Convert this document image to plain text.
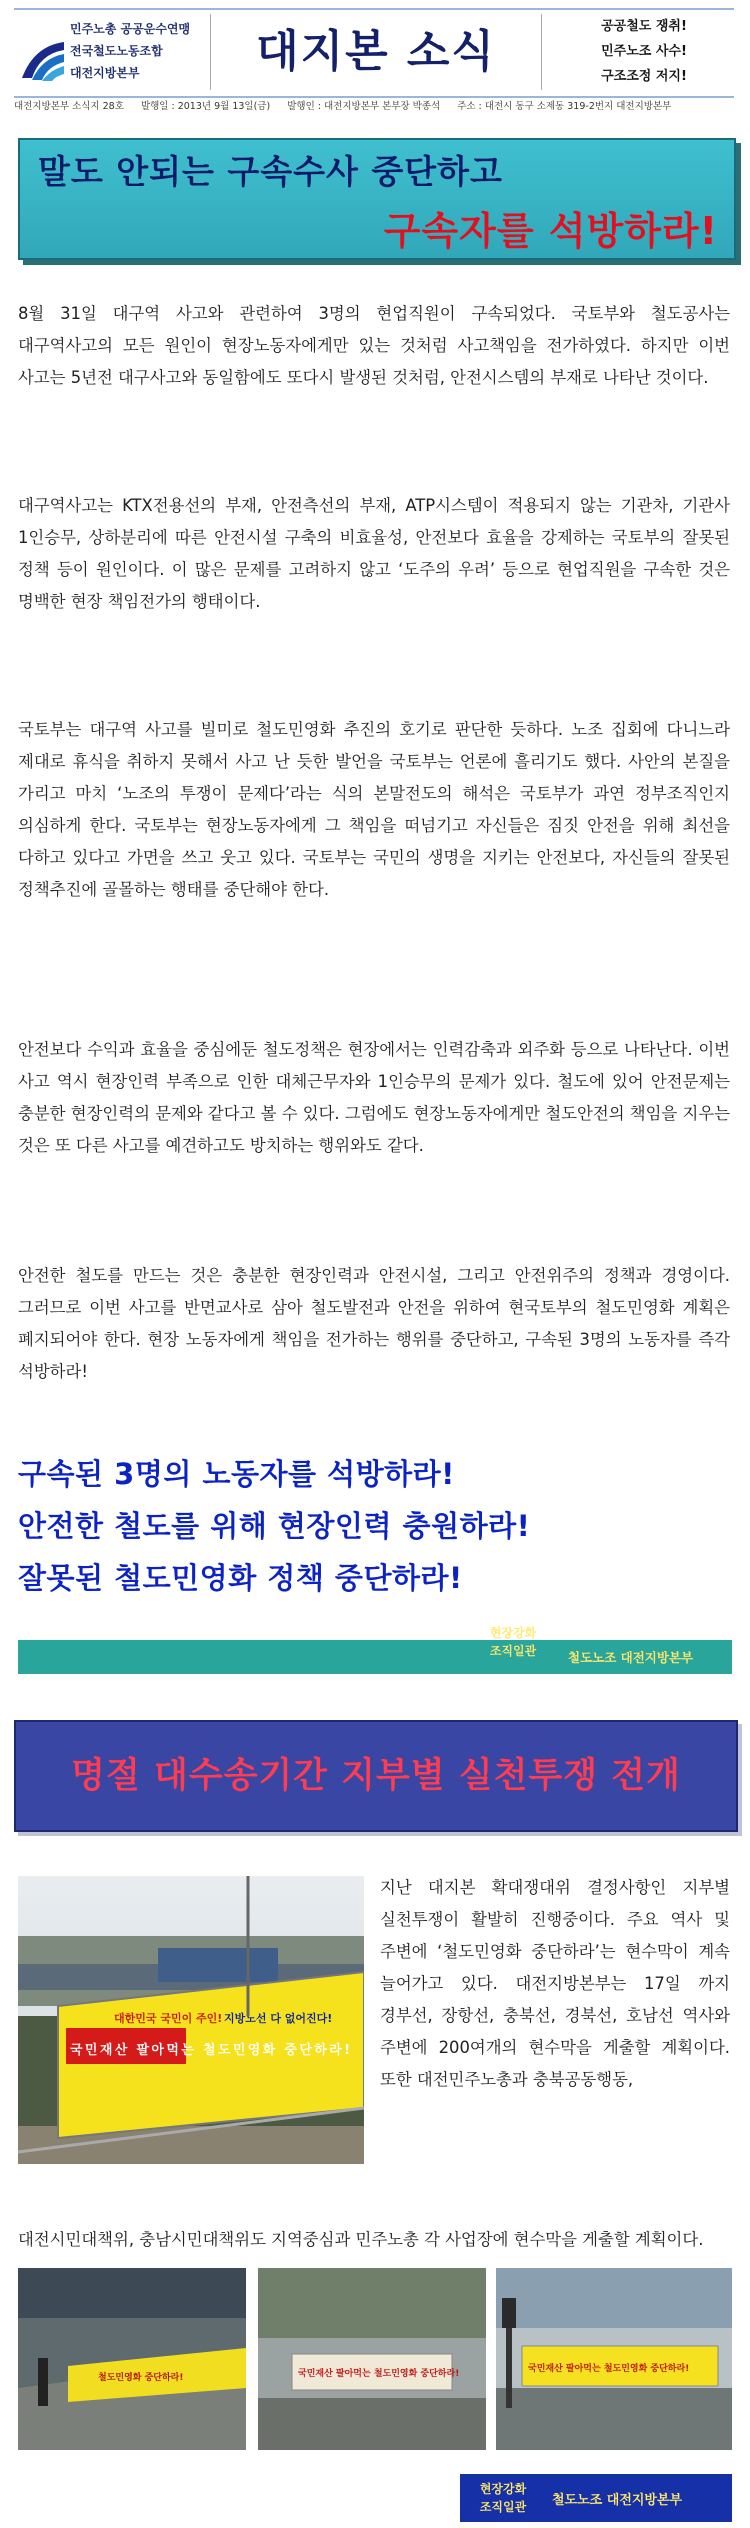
민주노총 공공운수연맹
전국철도노동조합
대전지방본부	대지본 소식	공공철도 쟁취!
민주노조 사수!
구조조정 저지!
대전지방본부 소식지 28호 발행일 : 2013년 9월 13일(금) 발행인 : 대전지방본부 본부장 박종석 주소 : 대전시 동구 소제동 319-2번지 대전지방본부
말도 안되는 구속수사 중단하고
구속자를 석방하라!
8월 31일 대구역 사고와 관련하여 3명의 현업직원이 구속되었다. 국토부와 철도공사는 대구역사고의 모든 원인이 현장노동자에게만 있는 것처럼 사고책임을 전가하였다. 하지만 이번 사고는 5년전 대구사고와 동일함에도 또다시 발생된 것처럼, 안전시스템의 부재로 나타난 것이다.
대구역사고는 KTX전용선의 부재, 안전측선의 부재, ATP시스템이 적용되지 않는 기관차, 기관사 1인승무, 상하분리에 따른 안전시설 구축의 비효율성, 안전보다 효율을 강제하는 국토부의 잘못된 정책 등이 원인이다. 이 많은 문제를 고려하지 않고 ‘도주의 우려’ 등으로 현업직원을 구속한 것은 명백한 현장 책임전가의 행태이다.
국토부는 대구역 사고를 빌미로 철도민영화 추진의 호기로 판단한 듯하다. 노조 집회에 다니느라 제대로 휴식을 취하지 못해서 사고 난 듯한 발언을 국토부는 언론에 흘리기도 했다. 사안의 본질을 가리고 마치 ‘노조의 투쟁이 문제다’라는 식의 본말전도의 해석은 국토부가 과연 정부조직인지 의심하게 한다. 국토부는 현장노동자에게 그 책임을 떠넘기고 자신들은 짐짓 안전을 위해 최선을 다하고 있다고 가면을 쓰고 웃고 있다. 국토부는 국민의 생명을 지키는 안전보다, 자신들의 잘못된 정책추진에 골몰하는 행태를 중단해야 한다.
안전보다 수익과 효율을 중심에둔 철도정책은 현장에서는 인력감축과 외주화 등으로 나타난다. 이번 사고 역시 현장인력 부족으로 인한 대체근무자와 1인승무의 문제가 있다. 철도에 있어 안전문제는 충분한 현장인력의 문제와 같다고 볼 수 있다. 그럼에도 현장노동자에게만 철도안전의 책임을 지우는 것은 또 다른 사고를 예견하고도 방치하는 행위와도 같다.
안전한 철도를 만드는 것은 충분한 현장인력과 안전시설, 그리고 안전위주의 정책과 경영이다. 그러므로 이번 사고를 반면교사로 삼아 철도발전과 안전을 위하여 현국토부의 철도민영화 계획은 폐지되어야 한다. 현장 노동자에게 책임을 전가하는 행위를 중단하고, 구속된 3명의 노동자를 즉각 석방하라!
구속된 3명의 노동자를 석방하라!
안전한 철도를 위해 현장인력 충원하라!
잘못된 철도민영화 정책 중단하라!
현장강화
조직일관	철도노조 대전지방본부
명절 대수송기간 지부별 실천투쟁 전개
대한민국 국민이 주인! 지방노선 다 없어진다!
국민재산 팔아먹는 철도민영화 중단하라!
지난 대지본 확대쟁대위 결정사항인 지부별 실천투쟁이 활발히 진행중이다. 주요 역사 및 주변에 ‘철도민영화 중단하라’는 현수막이 계속 늘어가고 있다. 대전지방본부는 17일 까지 경부선, 장항선, 충북선, 경북선, 호남선 역사와 주변에 200여개의 현수막을 게출할 계획이다. 또한 대전민주노총과 충북공동행동,
대전시민대책위, 충남시민대책위도 지역중심과 민주노총 각 사업장에 현수막을 게출할 계획이다.
철도민영화 중단하라!	국민재산 팔아먹는 철도민영화 중단하라!	국민재산 팔아먹는 철도민영화 중단하라!
현장강화
조직일관	철도노조 대전지방본부
